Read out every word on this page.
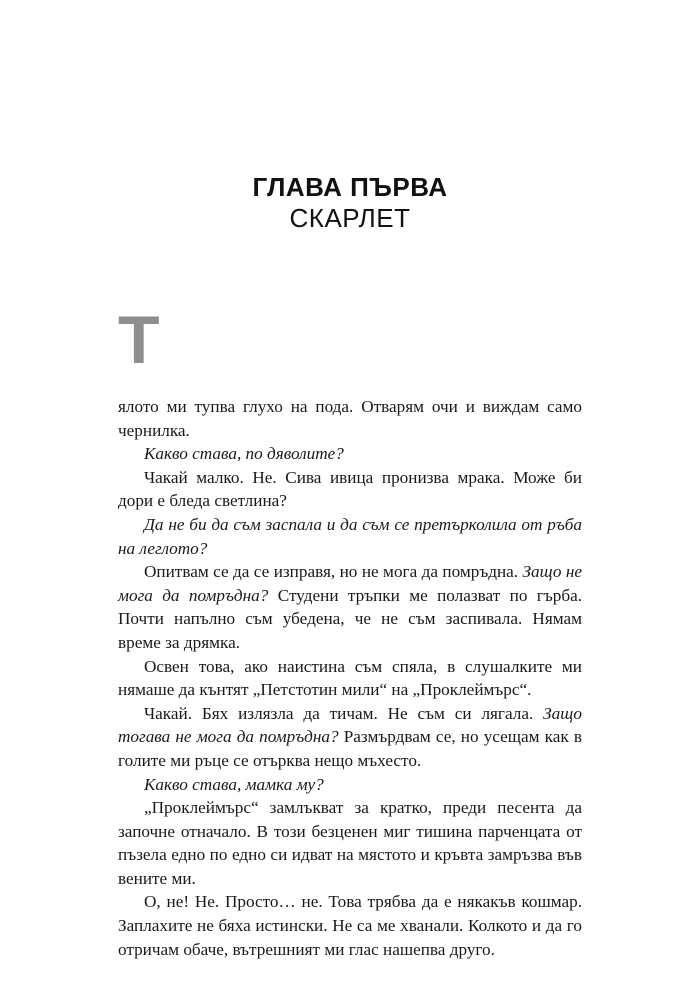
ГЛАВА ПЪРВА
СКАРЛЕТ

Т
ялото ми тупва глухо на пода. Отварям очи и виждам само чернилка.

Какво става, по дяволите?

Чакай малко. Не. Сива ивица пронизва мрака. Може би дори е бледа светлина?

Да не би да съм заспала и да съм се претърколила от ръба на леглото?

Опитвам се да се изправя, но не мога да помръдна. Защо не мога да помръдна? Студени тръпки ме полазват по гърба. Почти напълно съм убедена, че не съм заспивала. Нямам време за дрямка.

Освен това, ако наистина съм спяла, в слушалките ми нямаше да кънтят „Петстотин мили“ на „Проклеймърс“.

Чакай. Бях излязла да тичам. Не съм си лягала. Защо тогава не мога да помръдна? Размърдвам се, но усещам как в голите ми ръце се отърква нещо мъхесто.

Какво става, мамка му?

„Проклеймърс“ замлъкват за кратко, преди песента да започне отначало. В този безценен миг тишина парченцата от пъзела едно по едно си идват на мястото и кръвта замръзва във вените ми.

О, не! Не. Просто… не. Това трябва да е някакъв кошмар. Заплахите не бяха истински. Не са ме хванали. Колкото и да го отричам обаче, вътрешният ми глас нашепва друго.
